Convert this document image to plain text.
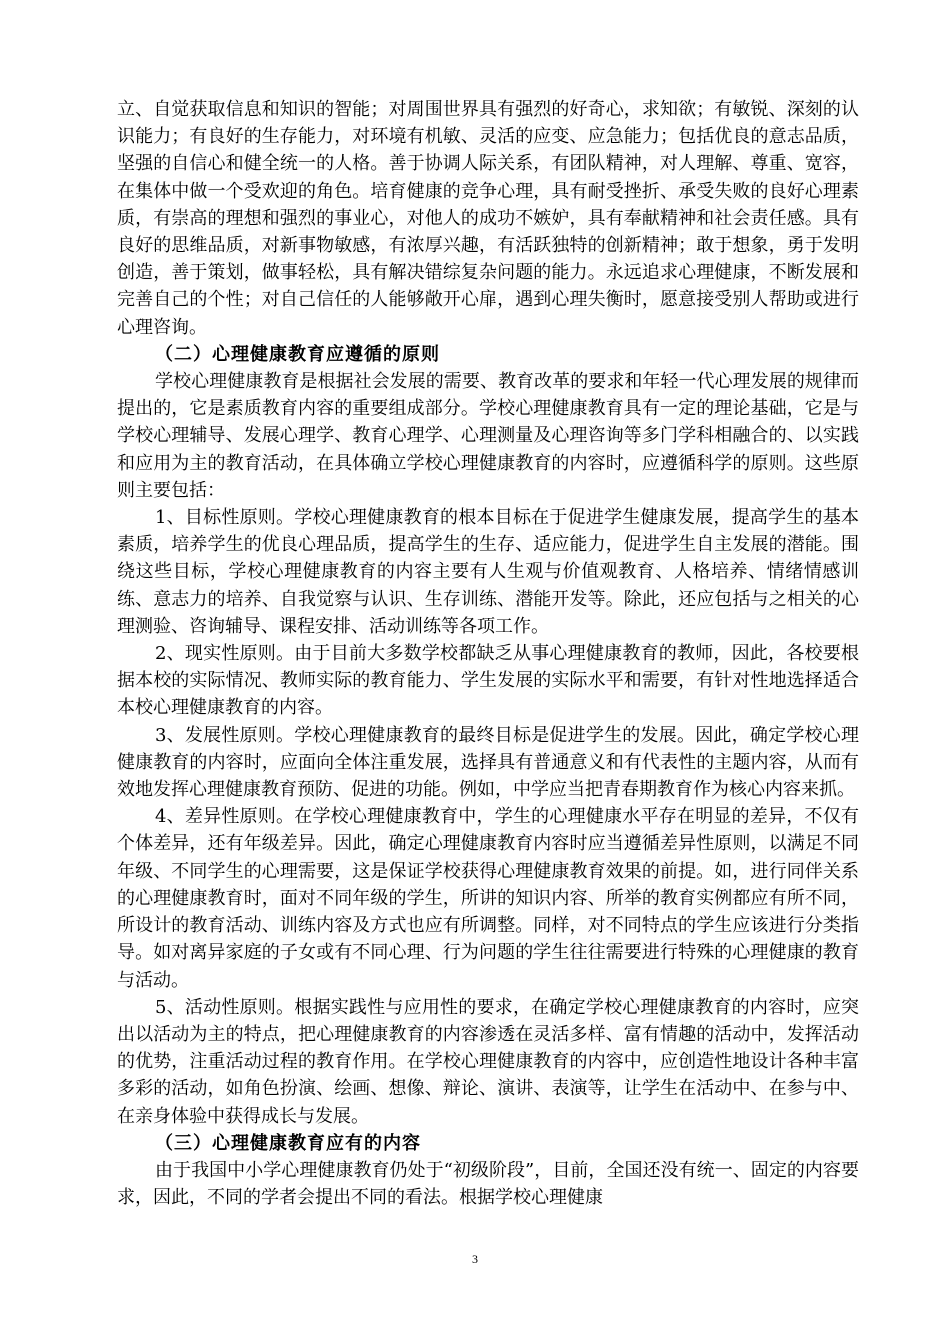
立、自觉获取信息和知识的智能；对周围世界具有强烈的好奇心，求知欲；有敏锐、深刻的认识能力；有良好的生存能力，对环境有机敏、灵活的应变、应急能力；包括优良的意志品质，坚强的自信心和健全统一的人格。善于协调人际关系，有团队精神，对人理解、尊重、宽容，在集体中做一个受欢迎的角色。培育健康的竞争心理，具有耐受挫折、承受失败的良好心理素质，有崇高的理想和强烈的事业心，对他人的成功不嫉妒，具有奉献精神和社会责任感。具有良好的思维品质，对新事物敏感，有浓厚兴趣，有活跃独特的创新精神；敢于想象，勇于发明创造，善于策划，做事轻松，具有解决错综复杂问题的能力。永远追求心理健康，不断发展和完善自己的个性；对自己信任的人能够敞开心扉，遇到心理失衡时，愿意接受别人帮助或进行心理咨询。

（二）心理健康教育应遵循的原则

学校心理健康教育是根据社会发展的需要、教育改革的要求和年轻一代心理发展的规律而提出的，它是素质教育内容的重要组成部分。学校心理健康教育具有一定的理论基础，它是与学校心理辅导、发展心理学、教育心理学、心理测量及心理咨询等多门学科相融合的、以实践和应用为主的教育活动，在具体确立学校心理健康教育的内容时，应遵循科学的原则。这些原则主要包括：

1、目标性原则。学校心理健康教育的根本目标在于促进学生健康发展，提高学生的基本素质，培养学生的优良心理品质，提高学生的生存、适应能力，促进学生自主发展的潜能。围绕这些目标，学校心理健康教育的内容主要有人生观与价值观教育、人格培养、情绪情感训练、意志力的培养、自我觉察与认识、生存训练、潜能开发等。除此，还应包括与之相关的心理测验、咨询辅导、课程安排、活动训练等各项工作。

2、现实性原则。由于目前大多数学校都缺乏从事心理健康教育的教师，因此，各校要根据本校的实际情况、教师实际的教育能力、学生发展的实际水平和需要，有针对性地选择适合本校心理健康教育的内容。

3、发展性原则。学校心理健康教育的最终目标是促进学生的发展。因此，确定学校心理健康教育的内容时，应面向全体注重发展，选择具有普通意义和有代表性的主题内容，从而有效地发挥心理健康教育预防、促进的功能。例如，中学应当把青春期教育作为核心内容来抓。

4、差异性原则。在学校心理健康教育中，学生的心理健康水平存在明显的差异，不仅有个体差异，还有年级差异。因此，确定心理健康教育内容时应当遵循差异性原则，以满足不同年级、不同学生的心理需要，这是保证学校获得心理健康教育效果的前提。如，进行同伴关系的心理健康教育时，面对不同年级的学生，所讲的知识内容、所举的教育实例都应有所不同，所设计的教育活动、训练内容及方式也应有所调整。同样，对不同特点的学生应该进行分类指导。如对离异家庭的子女或有不同心理、行为问题的学生往往需要进行特殊的心理健康的教育与活动。

5、活动性原则。根据实践性与应用性的要求，在确定学校心理健康教育的内容时，应突出以活动为主的特点，把心理健康教育的内容渗透在灵活多样、富有情趣的活动中，发挥活动的优势，注重活动过程的教育作用。在学校心理健康教育的内容中，应创造性地设计各种丰富多彩的活动，如角色扮演、绘画、想像、辩论、演讲、表演等，让学生在活动中、在参与中、在亲身体验中获得成长与发展。

（三）心理健康教育应有的内容

由于我国中小学心理健康教育仍处于“初级阶段”，目前，全国还没有统一、固定的内容要求，因此，不同的学者会提出不同的看法。根据学校心理健康

3
